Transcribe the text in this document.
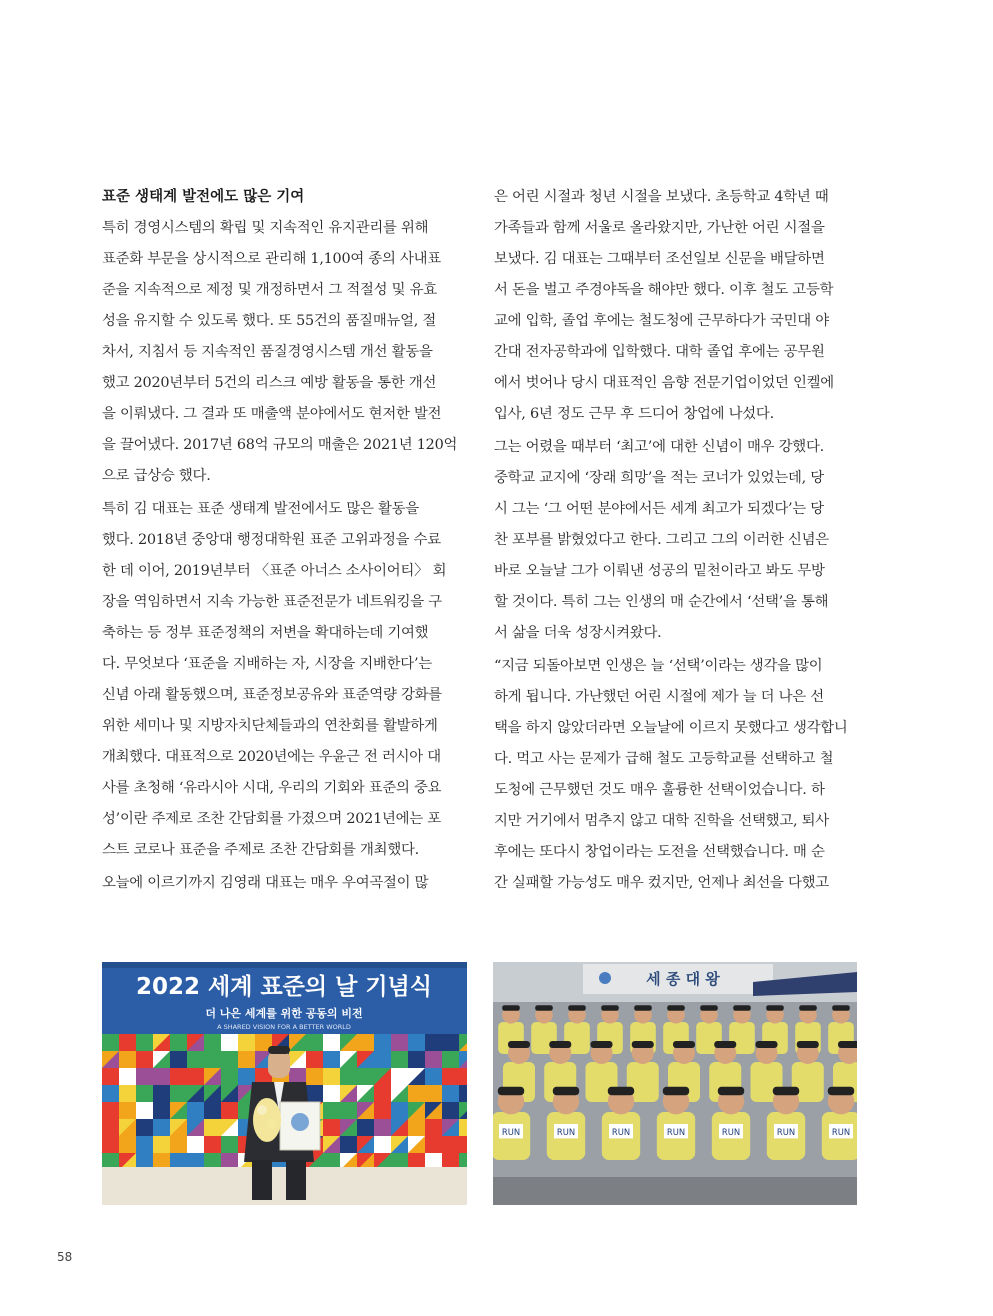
표준 생태계 발전에도 많은 기여
특히 경영시스템의 확립 및 지속적인 유지관리를 위해
표준화 부문을 상시적으로 관리해 1,100여 종의 사내표
준을 지속적으로 제정 및 개정하면서 그 적절성 및 유효
성을 유지할 수 있도록 했다. 또 55건의 품질매뉴얼, 절
차서, 지침서 등 지속적인 품질경영시스템 개선 활동을
했고 2020년부터 5건의 리스크 예방 활동을 통한 개선
을 이뤄냈다. 그 결과 또 매출액 분야에서도 현저한 발전
을 끌어냈다. 2017년 68억 규모의 매출은 2021년 120억
으로 급상승 했다.
특히 김 대표는 표준 생태계 발전에서도 많은 활동을
했다. 2018년 중앙대 행정대학원 표준 고위과정을 수료
한 데 이어, 2019년부터 〈표준 아너스 소사이어티〉 회
장을 역임하면서 지속 가능한 표준전문가 네트워킹을 구
축하는 등 정부 표준정책의 저변을 확대하는데 기여했
다. 무엇보다 ‘표준을 지배하는 자, 시장을 지배한다’는
신념 아래 활동했으며, 표준정보공유와 표준역량 강화를
위한 세미나 및 지방자치단체들과의 연찬회를 활발하게
개최했다. 대표적으로 2020년에는 우윤근 전 러시아 대
사를 초청해 ‘유라시아 시대, 우리의 기회와 표준의 중요
성’이란 주제로 조찬 간담회를 가졌으며 2021년에는 포
스트 코로나 표준을 주제로 조찬 간담회를 개최했다.
오늘에 이르기까지 김영래 대표는 매우 우여곡절이 많
은 어린 시절과 청년 시절을 보냈다. 초등학교 4학년 때
가족들과 함께 서울로 올라왔지만, 가난한 어린 시절을
보냈다. 김 대표는 그때부터 조선일보 신문을 배달하면
서 돈을 벌고 주경야독을 해야만 했다. 이후 철도 고등학
교에 입학, 졸업 후에는 철도청에 근무하다가 국민대 야
간대 전자공학과에 입학했다. 대학 졸업 후에는 공무원
에서 벗어나 당시 대표적인 음향 전문기업이었던 인켈에
입사, 6년 정도 근무 후 드디어 창업에 나섰다.
그는 어렸을 때부터 ‘최고’에 대한 신념이 매우 강했다.
중학교 교지에 ‘장래 희망’을 적는 코너가 있었는데, 당
시 그는 ‘그 어떤 분야에서든 세계 최고가 되겠다’는 당
찬 포부를 밝혔었다고 한다. 그리고 그의 이러한 신념은
바로 오늘날 그가 이뤄낸 성공의 밑천이라고 봐도 무방
할 것이다. 특히 그는 인생의 매 순간에서 ‘선택’을 통해
서 삶을 더욱 성장시켜왔다.
“지금 되돌아보면 인생은 늘 ‘선택’이라는 생각을 많이
하게 됩니다. 가난했던 어린 시절에 제가 늘 더 나은 선
택을 하지 않았더라면 오늘날에 이르지 못했다고 생각합니
다. 먹고 사는 문제가 급해 철도 고등학교를 선택하고 철
도청에 근무했던 것도 매우 훌륭한 선택이었습니다. 하
지만 거기에서 멈추지 않고 대학 진학을 선택했고, 퇴사
후에는 또다시 창업이라는 도전을 선택했습니다. 매 순
간 실패할 가능성도 매우 컸지만, 언제나 최선을 다했고
2022 세계 표준의 날 기념식
더 나은 세계를 위한 공동의 비전
A SHARED VISION FOR A BETTER WORLD
세 종 대 왕
RUN	RUN	RUN	RUN	RUN	RUN	RUN
58
